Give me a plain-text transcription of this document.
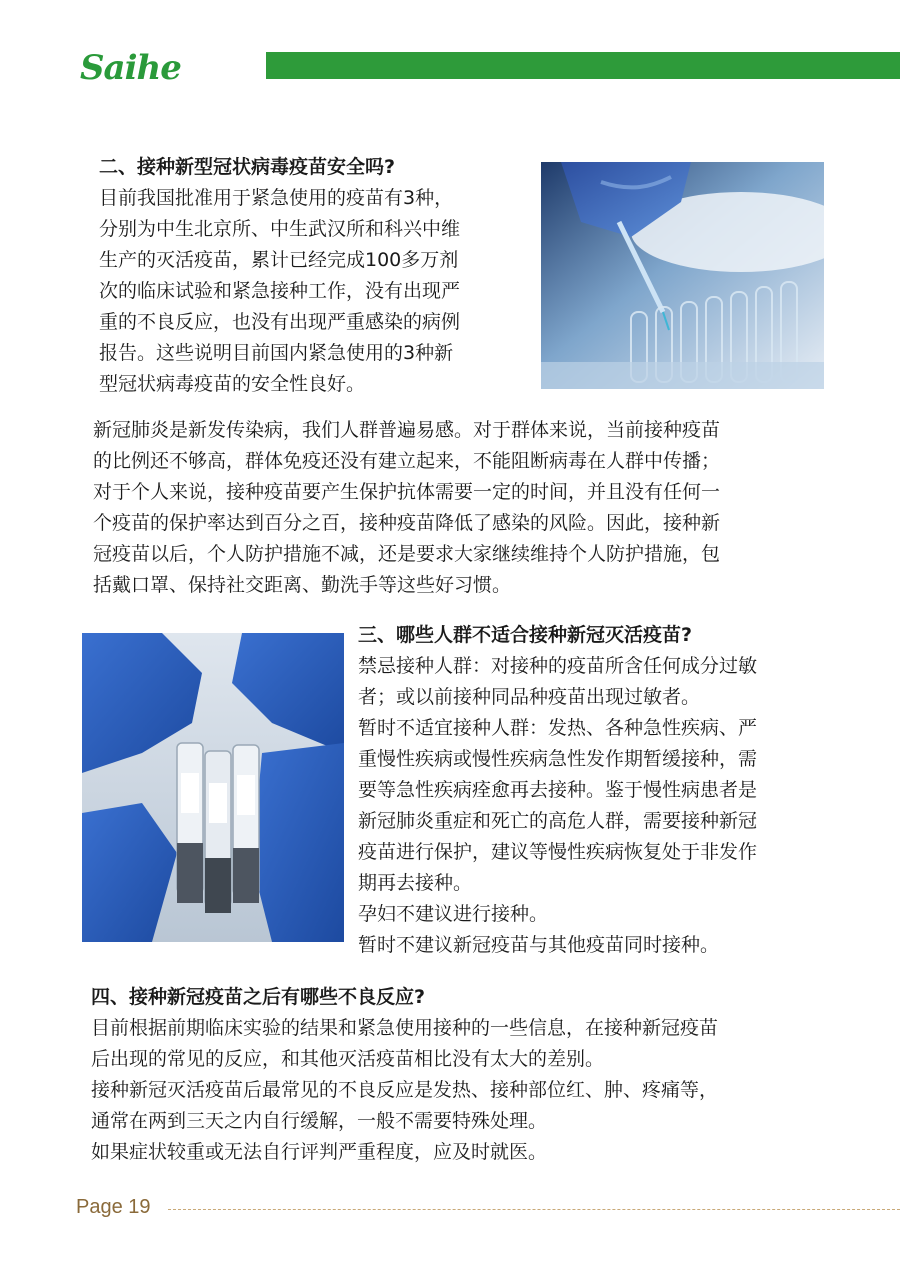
Saihe
二、接种新型冠状病毒疫苗安全吗?

目前我国批准用于紧急使用的疫苗有3种，

分别为中生北京所、中生武汉所和科兴中维

生产的灭活疫苗，累计已经完成100多万剂

次的临床试验和紧急接种工作，没有出现严

重的不良反应，也没有出现严重感染的病例

报告。这些说明目前国内紧急使用的3种新

型冠状病毒疫苗的安全性良好。

新冠肺炎是新发传染病，我们人群普遍易感。对于群体来说，当前接种疫苗

的比例还不够高，群体免疫还没有建立起来，不能阻断病毒在人群中传播；

对于个人来说，接种疫苗要产生保护抗体需要一定的时间，并且没有任何一

个疫苗的保护率达到百分之百，接种疫苗降低了感染的风险。因此，接种新

冠疫苗以后，个人防护措施不减，还是要求大家继续维持个人防护措施，包

括戴口罩、保持社交距离、勤洗手等这些好习惯。

三、哪些人群不适合接种新冠灭活疫苗?

禁忌接种人群：对接种的疫苗所含任何成分过敏

者；或以前接种同品种疫苗出现过敏者。

暂时不适宜接种人群：发热、各种急性疾病、严

重慢性疾病或慢性疾病急性发作期暂缓接种，需

要等急性疾病痊愈再去接种。鉴于慢性病患者是

新冠肺炎重症和死亡的高危人群，需要接种新冠

疫苗进行保护，建议等慢性疾病恢复处于非发作

期再去接种。

孕妇不建议进行接种。

暂时不建议新冠疫苗与其他疫苗同时接种。

四、接种新冠疫苗之后有哪些不良反应?

目前根据前期临床实验的结果和紧急使用接种的一些信息，在接种新冠疫苗

后出现的常见的反应，和其他灭活疫苗相比没有太大的差别。

接种新冠灭活疫苗后最常见的不良反应是发热、接种部位红、肿、疼痛等，

通常在两到三天之内自行缓解，一般不需要特殊处理。

如果症状较重或无法自行评判严重程度，应及时就医。

Page 19
